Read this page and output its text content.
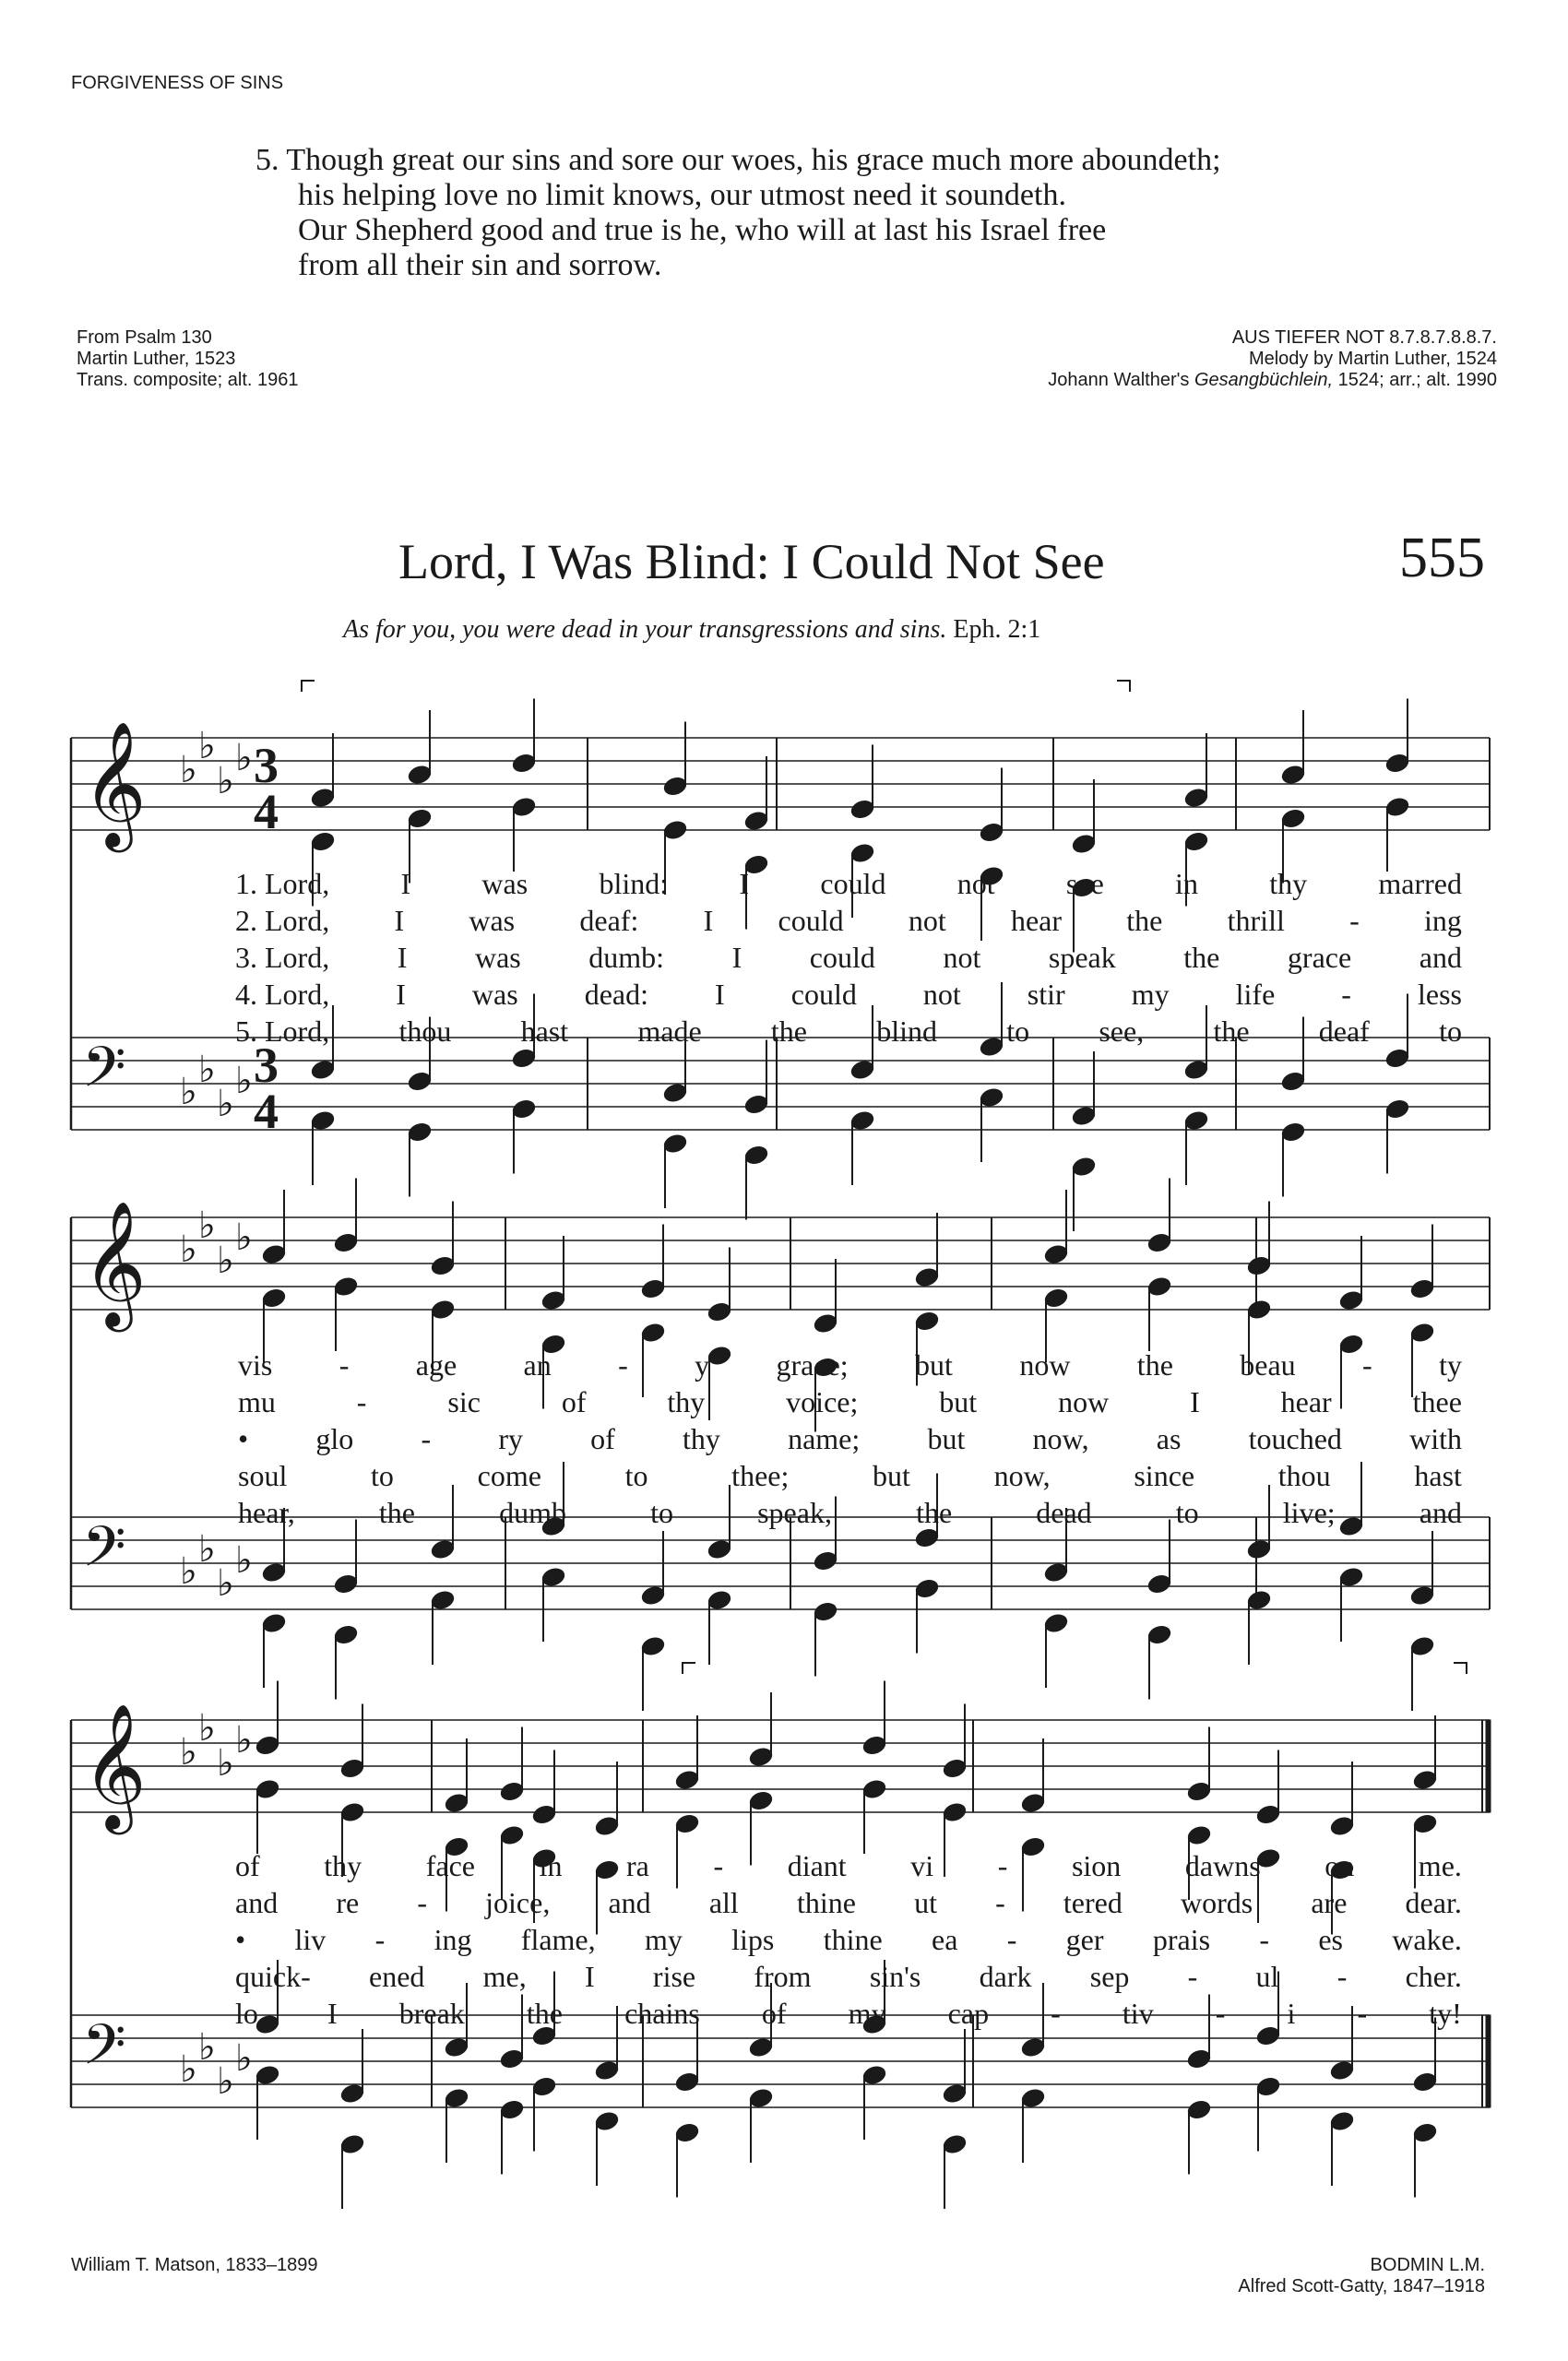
FORGIVENESS OF SINS
5. Though great our sins and sore our woes, his grace much more aboundeth;
his helping love no limit knows, our utmost need it soundeth.
Our Shepherd good and true is he, who will at last his Israel free
from all their sin and sorrow.
From Psalm 130
Martin Luther, 1523
Trans. composite; alt. 1961
AUS TIEFER NOT 8.7.8.7.8.8.7.
Melody by Martin Luther, 1524
Johann Walther's Gesangbüchlein, 1524; arr.; alt. 1990
Lord, I Was Blind: I Could Not See	555
As for you, you were dead in your transgressions and sins. Eph. 2:1
𝄞 ♭
♭
♭
♭ 3
4
𝄢 ♭
♭
♭
♭ 3
4
𝄞 ♭
♭
♭
♭
𝄢 ♭
♭
♭
♭
𝄞 ♭
♭
♭
♭
𝄢 ♭
♭
♭
♭
1. Lord, I was blind: I could not see in thy marred
2. Lord, I was deaf: I could not hear the thrill - ing
3. Lord, I was dumb: I could not speak the grace and
4. Lord, I was dead: I could not stir my life - less
5. Lord, thou hast made the blind to see, the deaf to
vis - age an - y grace; but now the beau - ty
mu	-	sic	of	thy	voice;	but	now	I	hear	thee
• glo - ry of thy name; but now, as touched with
soul	to	come	to	thee;	but	now,	since	thou	hast
hear,	the	dumb	to	speak,	the	dead	to	live;	and
of thy face in ra - diant vi - sion dawns on me.
and re - joice, and all thine ut - tered words are dear.
• liv - ing flame, my lips thine ea - ger prais - es wake.
quick- ened me, I rise from sin's dark sep - ul - cher.
lo, I break the chains of my cap - tiv - i - ty!
William T. Matson, 1833–1899	BODMIN L.M.
Alfred Scott-Gatty, 1847–1918
